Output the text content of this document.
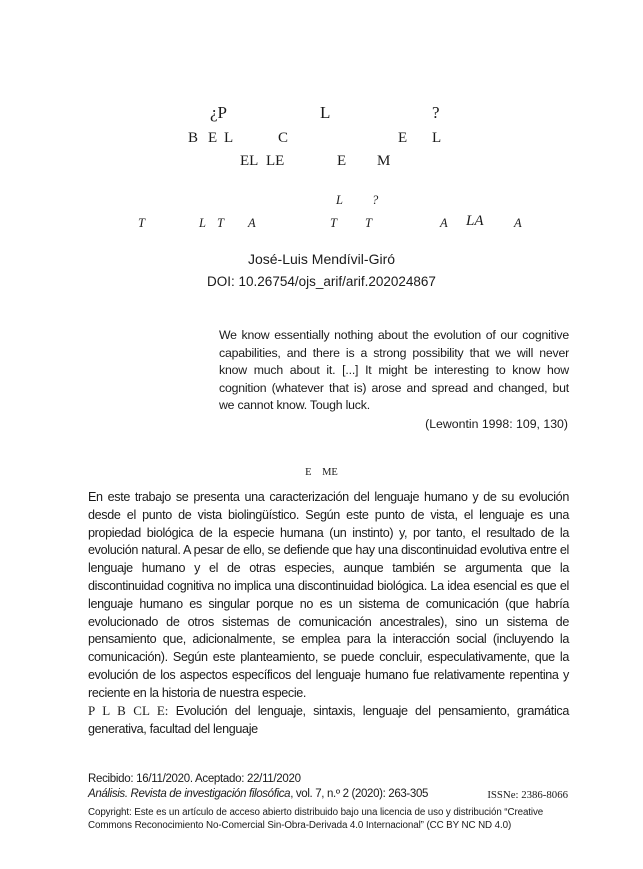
¿P	L	?
B E L	C	E L
EL LE	E M
L ?
T	L T A	T T	A LA A
José-Luis Mendívil-Giró
DOI: 10.26754/ojs_arif/arif.202024867
We know essentially nothing about the evolution of our cognitive capabilities, and there is a strong possibility that we will never know much about it. [...] It might be interesting to know how cognition (whatever that is) arose and spread and changed, but we cannot know. Tough luck.
(Lewontin 1998: 109, 130)
E ME
En este trabajo se presenta una caracterización del lenguaje humano y de su evolución desde el punto de vista biolingüístico. Según este punto de vista, el lenguaje es una propiedad biológica de la especie humana (un instinto) y, por tanto, el resultado de la evolución natural. A pesar de ello, se defiende que hay una discontinuidad evolutiva entre el lenguaje humano y el de otras especies, aunque también se argumenta que la discontinuidad cognitiva no implica una discontinuidad biológica. La idea esencial es que el lenguaje humano es singular porque no es un sistema de comunicación (que habría evolucionado de otros sistemas de comunicación ancestrales), sino un sistema de pensamiento que, adicionalmente, se emplea para la interacción social (incluyendo la comunicación). Según este planteamiento, se puede concluir, especulativamente, que la evolución de los aspectos específicos del lenguaje humano fue relativamente repentina y reciente en la historia de nuestra especie.
P L B CL E: Evolución del lenguaje, sintaxis, lenguaje del pensamiento, gramática generativa, facultad del lenguaje
Recibido: 16/11/2020. Aceptado: 22/11/2020
Análisis. Revista de investigación filosófica, vol. 7, n.º 2 (2020): 263-305	ISSNe: 2386-8066
Copyright: Este es un artículo de acceso abierto distribuido bajo una licencia de uso y distribución “Creative Commons Reconocimiento No-Comercial Sin-Obra-Derivada 4.0 Internacional” (CC BY NC ND 4.0)
